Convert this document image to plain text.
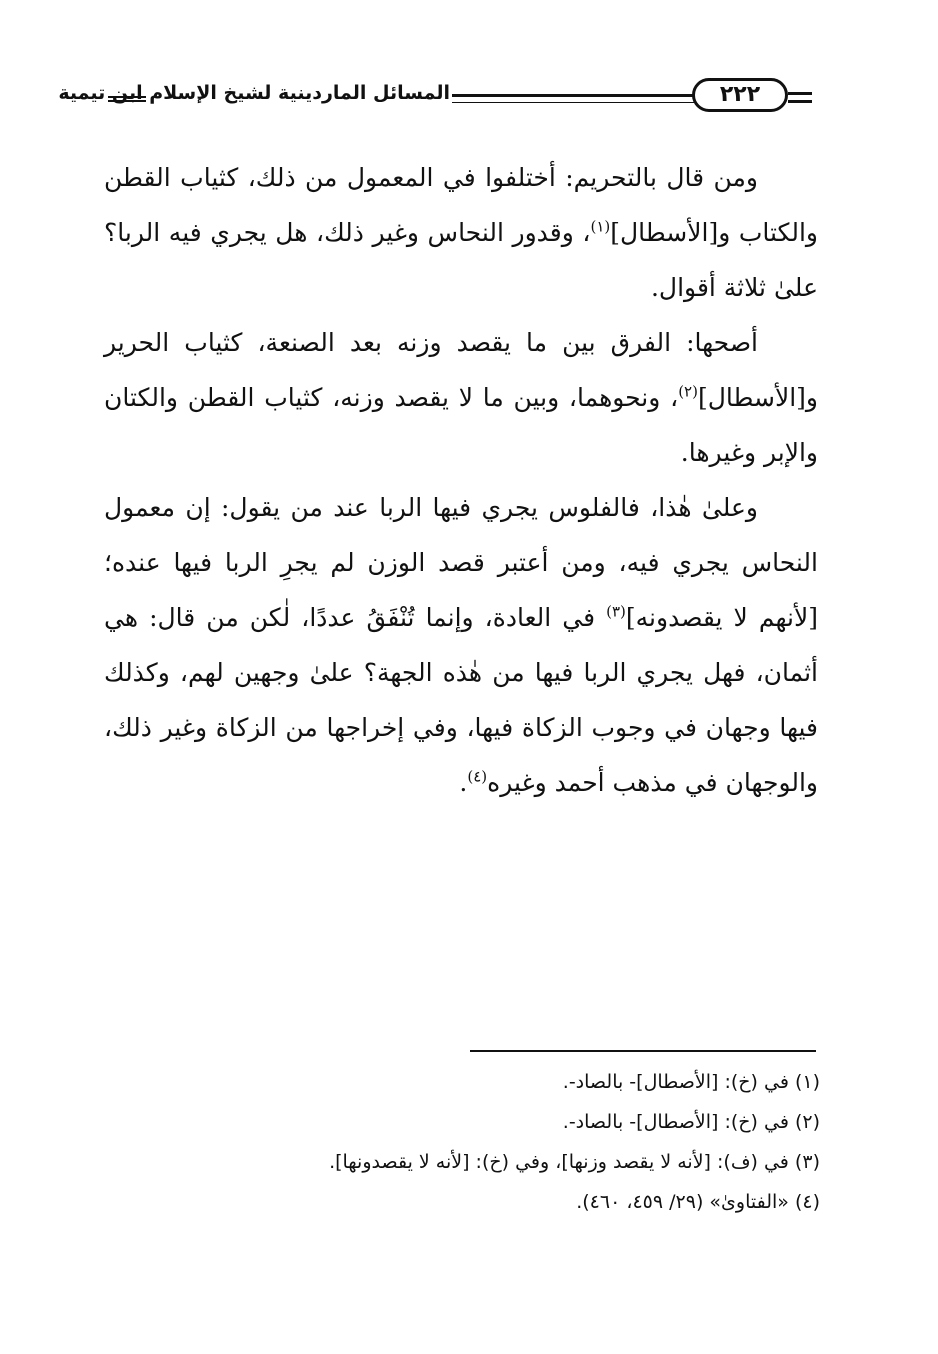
المسائل الماردينية لشيخ الإسلام ابن تيمية	٢٢٢

ومن قال بالتحريم: أختلفوا في المعمول من ذلك، كثياب القطن والكتاب و[الأسطال]$^{(١)}$، وقدور النحاس وغير ذلك، هل يجري فيه الربا؟ علىٰ ثلاثة أقوال.

أصحها: الفرق بين ما يقصد وزنه بعد الصنعة، كثياب الحرير و[الأسطال]$^{(٢)}$، ونحوهما، وبين ما لا يقصد وزنه، كثياب القطن والكتان والإبر وغيرها.

وعلىٰ هٰذا، فالفلوس يجري فيها الربا عند من يقول: إن معمول النحاس يجري فيه، ومن أعتبر قصد الوزن لم يجرِ الربا فيها عنده؛ [لأنهم لا يقصدونه]$^{(٣)}$ في العادة، وإنما تُنْفَقُ عددًا، لٰكن من قال: هي أثمان، فهل يجري الربا فيها من هٰذه الجهة؟ علىٰ وجهين لهم، وكذلك فيها وجهان في وجوب الزكاة فيها، وفي إخراجها من الزكاة وغير ذلك، والوجهان في مذهب أحمد وغيره$^{(٤)}$.

(١) في (خ): [الأصطال]- بالصاد-.

(٢) في (خ): [الأصطال]- بالصاد-.

(٣) في (ف): [لأنه لا يقصد وزنها]، وفي (خ): [لأنه لا يقصدونها].

(٤) «الفتاوىٰ» (٢٩/ ٤٥٩، ٤٦٠).
